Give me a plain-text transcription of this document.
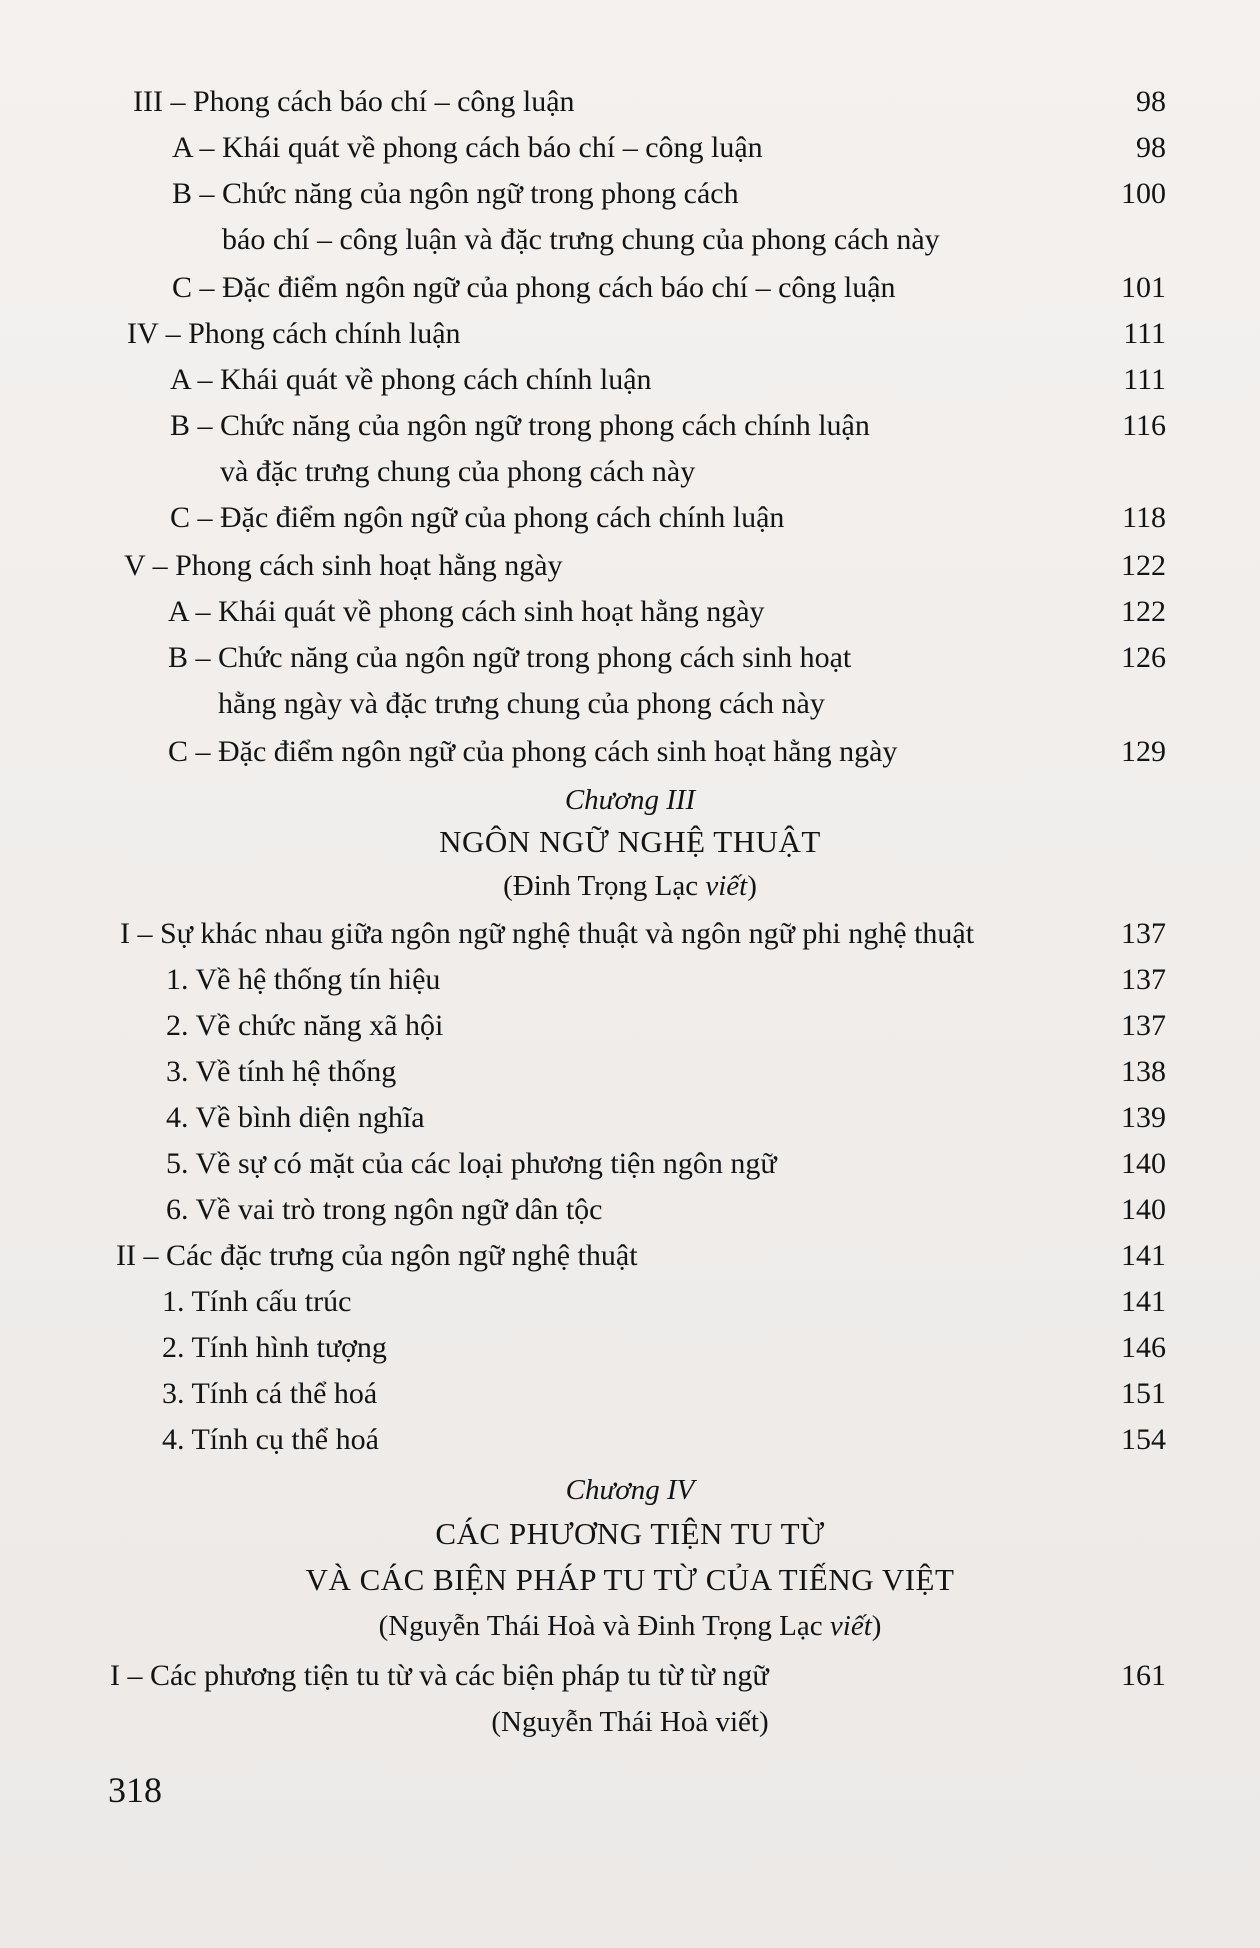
III – Phong cách báo chí – công luận	98
A – Khái quát về phong cách báo chí – công luận	98
B – Chức năng của ngôn ngữ trong phong cách	100
báo chí – công luận và đặc trưng chung của phong cách này
C – Đặc điểm ngôn ngữ của phong cách báo chí – công luận	101
IV – Phong cách chính luận	111
A – Khái quát về phong cách chính luận	111
B – Chức năng của ngôn ngữ trong phong cách chính luận	116
và đặc trưng chung của phong cách này
C – Đặc điểm ngôn ngữ của phong cách chính luận	118
V – Phong cách sinh hoạt hằng ngày	122
A – Khái quát về phong cách sinh hoạt hằng ngày	122
B – Chức năng của ngôn ngữ trong phong cách sinh hoạt	126
hằng ngày và đặc trưng chung của phong cách này
C – Đặc điểm ngôn ngữ của phong cách sinh hoạt hằng ngày	129
Chương III
NGÔN NGỮ NGHỆ THUẬT
(Đinh Trọng Lạc viết)
I – Sự khác nhau giữa ngôn ngữ nghệ thuật và ngôn ngữ phi nghệ thuật	137
1. Về hệ thống tín hiệu	137
2. Về chức năng xã hội	137
3. Về tính hệ thống	138
4. Về bình diện nghĩa	139
5. Về sự có mặt của các loại phương tiện ngôn ngữ	140
6. Về vai trò trong ngôn ngữ dân tộc	140
II – Các đặc trưng của ngôn ngữ nghệ thuật	141
1. Tính cấu trúc	141
2. Tính hình tượng	146
3. Tính cá thể hoá	151
4. Tính cụ thể hoá	154
Chương IV
CÁC PHƯƠNG TIỆN TU TỪ
VÀ CÁC BIỆN PHÁP TU TỪ CỦA TIẾNG VIỆT
(Nguyễn Thái Hoà và Đinh Trọng Lạc viết)
I – Các phương tiện tu từ và các biện pháp tu từ từ ngữ	161
(Nguyễn Thái Hoà viết)
318
